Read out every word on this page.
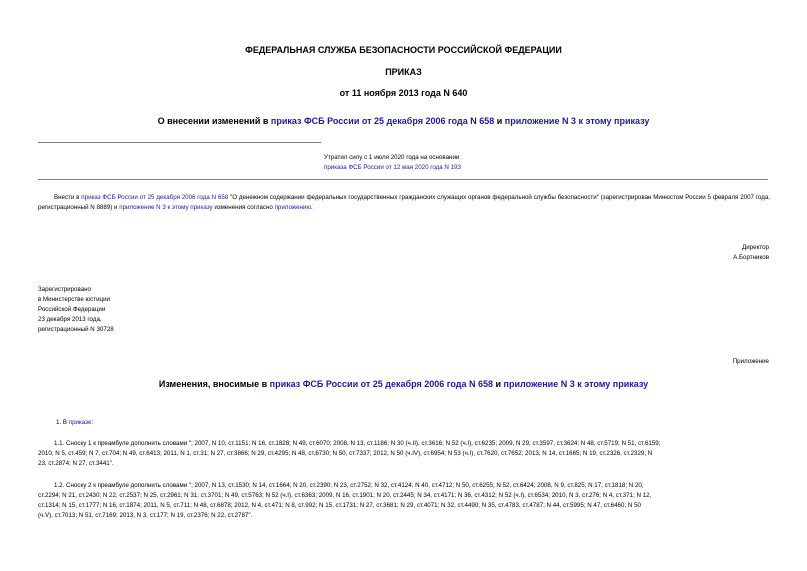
ФЕДЕРАЛЬНАЯ СЛУЖБА БЕЗОПАСНОСТИ РОССИЙСКОЙ ФЕДЕРАЦИИ
ПРИКАЗ
от 11 ноября 2013 года N 640
О внесении изменений в приказ ФСБ России от 25 декабря 2006 года N 658 и приложение N 3 к этому приказу
Утратил силу с 1 июля 2020 года на основании
приказа ФСБ России от 12 мая 2020 года N 193
Внести в приказ ФСБ России от 25 декабря 2006 года N 658 "О денежном содержании федеральных государственных гражданских служащих органов федеральной службы безопасности" (зарегистрирован Минюстом России 5 февраля 2007 года, регистрационный N 8889) и приложение N 3 к этому приказу изменения согласно приложению.
Директор
А.Бортников
Зарегистрировано
в Министерстве юстиции
Российской Федерации
23 декабря 2013 года,
регистрационный N 30728
Приложение
Изменения, вносимые в приказ ФСБ России от 25 декабря 2006 года N 658 и приложение N 3 к этому приказу
1. В приказе:
1.1. Сноску 1 к преамбуле дополнить словами "; 2007, N 10, ст.1151; N 16, ст.1828; N 49, ст.6070; 2008, N 13, ст.1186; N 30 (ч.II), ст.3616; N 52 (ч.I), ст.6235; 2009, N 29, ст.3597, ст.3624; N 48, ст.5719; N 51, ст.6159;
2010, N 5, ст.459; N 7, ст.704; N 49, ст.6413; 2011, N 1, ст.31; N 27, ст.3866; N 29, ст.4295; N 48, ст.6730; N 50, ст.7337; 2012, N 50 (ч.IV), ст.6954; N 53 (ч.I), ст.7620, ст.7652; 2013, N 14, ст.1665; N 19, ст.2326, ст.2329; N
23, ст.2874; N 27, ст.3441".
1.2. Сноску 2 к преамбуле дополнить словами "; 2007, N 13, ст.1530; N 14, ст.1664; N 20, ст.2390; N 23, ст.2752; N 32, ст.4124; N 40, ст.4712; N 50, ст.6255; N 52, ст.6424; 2008, N 9, ст.825; N 17, ст.1818; N 20,
ст.2294; N 21, ст.2430; N 22, ст.2537; N 25, ст.2961; N 31, ст.3701; N 49, ст.5763; N 52 (ч.I), ст.6363; 2009, N 16, ст.1901; N 20, ст.2445; N 34, ст.4171; N 36, ст.4312; N 52 (ч.I), ст.6534; 2010, N 3, ст.276; N 4, ст.371; N 12,
ст.1314; N 15, ст.1777; N 16, ст.1874; 2011, N 5, ст.711; N 48, ст.6878; 2012, N 4, ст.471; N 8, ст.992; N 15, ст.1731; N 27, ст.3681; N 29, ст.4071; N 32, ст.4490; N 35, ст.4783, ст.4787; N 44, ст.5995; N 47, ст.6460; N 50
(ч.V), ст.7013; N 51, ст.7169; 2013, N 3, ст.177; N 19, ст.2376; N 22, ст.2787".
